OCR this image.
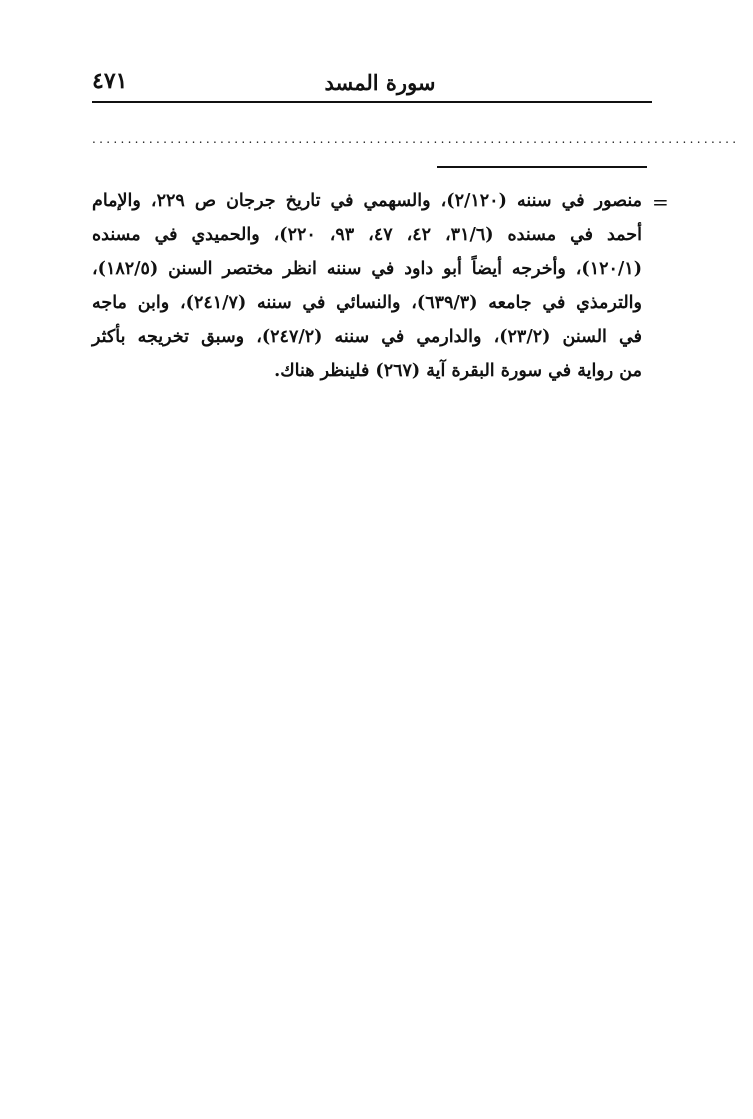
٤٧١	سورة المسد
...........................................................................................
=
منصور في سننه (٢/١٢٠)، والسهمي في تاريخ جرجان ص ٢٢٩، والإمام
أحمد في مسنده (٣١/٦، ٤٢، ٤٧، ٩٣، ٢٢٠)، والحميدي في مسنده
(١٢٠/١)، وأخرجه أيضاً أبو داود في سننه انظر مختصر السنن (١٨٢/٥)،
والترمذي في جامعه (٦٣٩/٣)، والنسائي في سننه (٢٤١/٧)، وابن ماجه
في السنن (٢٣/٢)، والدارمي في سننه (٢٤٧/٢)، وسبق تخريجه بأكثر
من رواية في سورة البقرة آية (٢٦٧) فلينظر هناك.
